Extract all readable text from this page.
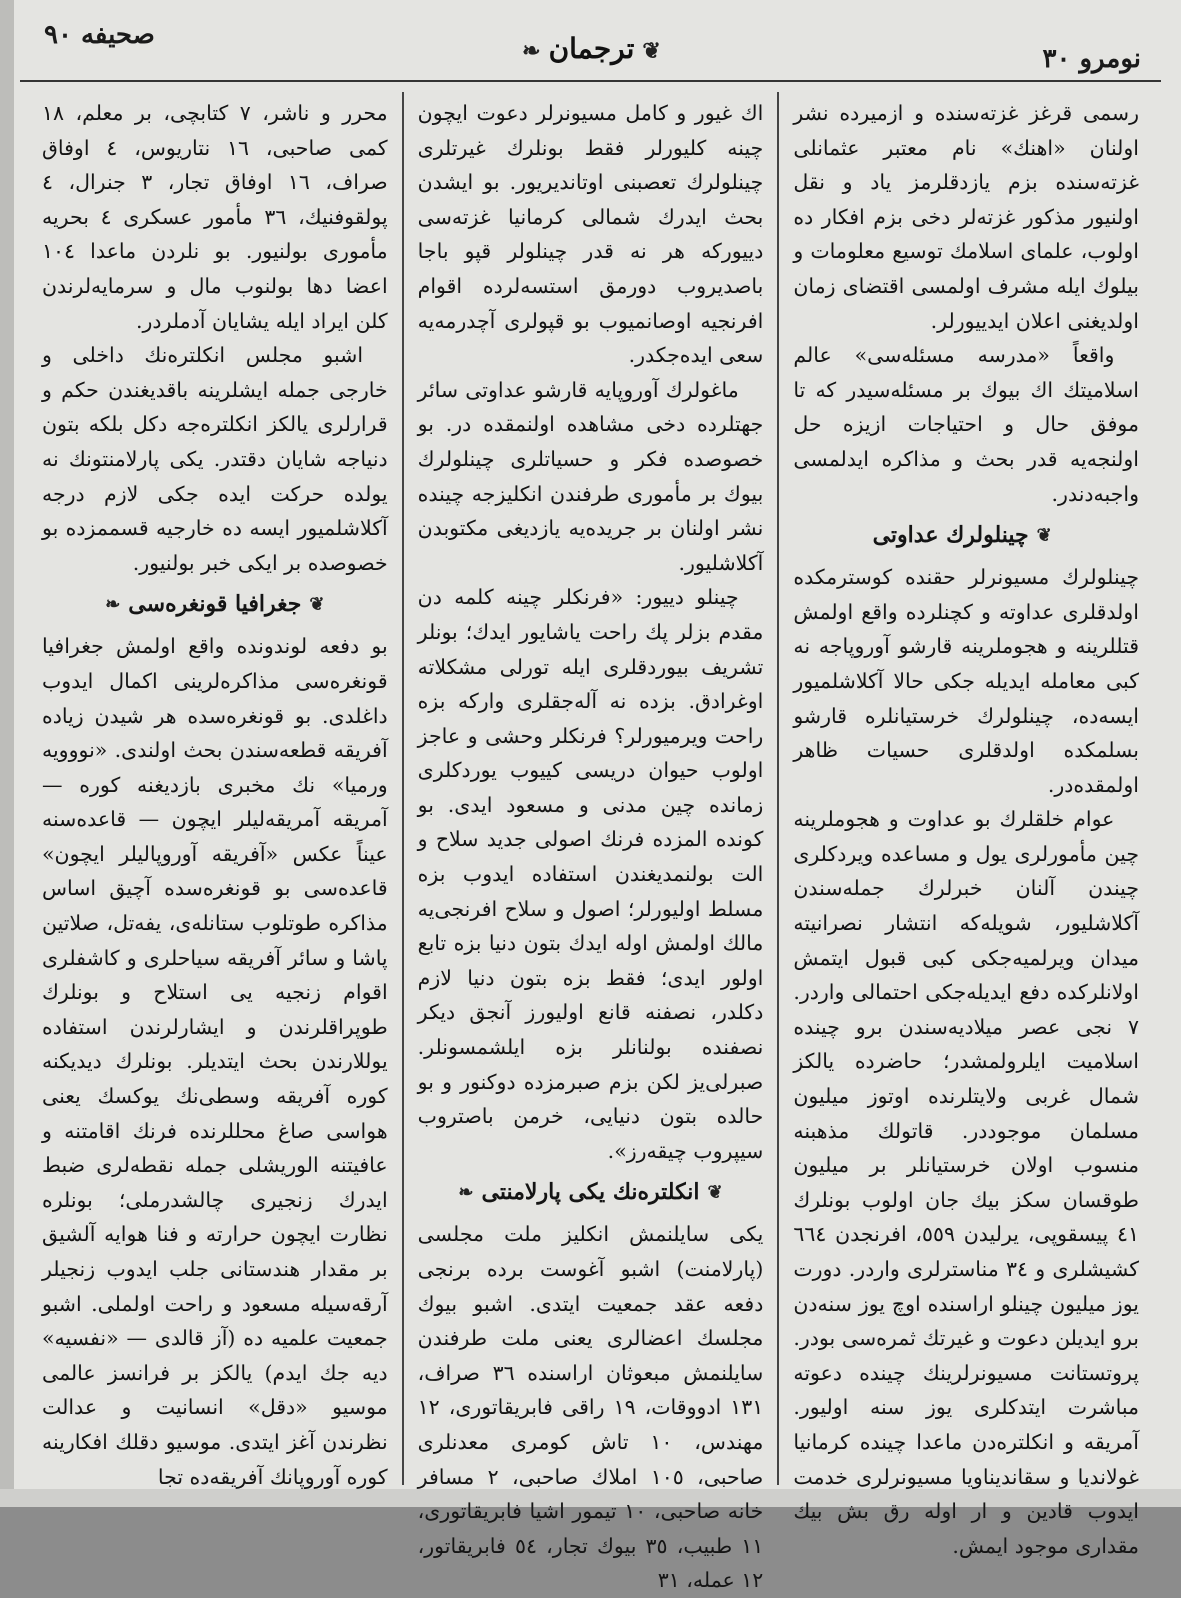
نومرو ٣٠
❦ترجمان❧
صحیفه ٩٠

رسمی قرغز غزته‌سنده و ازمیرده نشر اولنان «اهنك» نام معتبر عثمانلی غزته‌سنده بزم یازدقلرمز یاد و نقل اولنیور مذکور غزته‌لر دخی بزم افکار ده اولوب، علمای اسلامك توسیع معلومات و بیلوك ایله مشرف اولمسی اقتضای زمان اولدیغنی اعلان ایدییورلر.

واقعاً «مدرسه مسئله‌سی» عالم اسلامیتك اك بیوك بر مسئله‌سیدر که تا موفق حال و احتیاجات ازیزه حل اولنجه‌یه قدر بحث و مذاکره ایدلمسی واجبه‌دندر.

❦چینلولرك عداوتی

چینلولرك مسیونرلر حقنده کوسترمکده اولدقلری عداوته و کچنلرده واقع اولمش قتللرینه و هجوملرینه قارشو آوروپاجه نه کبی معامله ایدیله جکی حالا آکلاشلمیور ایسه‌ده، چینلولرك خرستیانلره قارشو بسلمکده اولدقلری حسیات ظاهر اولمقده‌در.

عوام خلقلرك بو عداوت و هجوملرینه چین مأمورلری یول و مساعده ویردکلری چیندن آلنان خبرلرك جمله‌سندن آکلاشلیور، شویله‌که انتشار نصرانیته میدان ویرلمیه‌جکی کبی قبول ایتمش اولانلرکده دفع ایدیله‌جکی احتمالی واردر. ٧ نجی عصر میلادیه‌سندن برو چینده اسلامیت ایلرولمشدر؛ حاضرده یالکز شمال غربی ولایتلرنده اوتوز میلیون مسلمان موجوددر. قاتولك مذهبنه منسوب اولان خرستیانلر بر میلیون طوقسان سکز بیك جان اولوب بونلرك ٤١ پیسقوپی، یرلیدن ٥٥٩، افرنجدن ٦٦٤ کشیشلری و ٣٤ مناسترلری واردر. دورت یوز میلیون چینلو اراسنده اوچ یوز سنه‌دن برو ایدیلن دعوت و غیرتك ثمره‌سی بودر. پروتستانت مسیونرلرینك چینده دعوته مباشرت ایتدکلری یوز سنه اولیور. آمریقه و انکلتره‌دن ماعدا چینده کرمانیا غولاندیا و سقاندیناویا مسیونرلری خدمت ایدوب قادین و ار اوله رق بش بیك مقداری موجود ایمش.

اك غیور و کامل مسیونرلر دعوت ایچون چینه کلیورلر فقط بونلرك غیرتلری چینلولرك تعصبنی اوتاندیریور. بو ایشدن بحث ایدرك شمالی کرمانیا غزته‌سی دییورکه هر نه قدر چینلولر قپو باجا باصدیروب دورمق استسه‌لرده اقوام افرنجیه اوصانمیوب بو قپولری آچدرمه‌یه سعی ایده‌جکدر.

ماغولرك آوروپایه قارشو عداوتی سائر جهتلرده دخی مشاهده اولنمقده در. بو خصوصده فکر و حسیاتلری چینلولرك بیوك بر مأموری طرفندن انکلیزجه چینده نشر اولنان بر جریده‌یه یازدیغی مکتوبدن آکلاشلیور.

چینلو دییور: «فرنکلر چینه کلمه دن مقدم بزلر پك راحت یاشایور ایدك؛ بونلر تشریف بیوردقلری ایله تورلی مشکلاته اوغرادق. بزده نه آله‌جقلری وارکه بزه راحت ویرمیورلر؟ فرنکلر وحشی و عاجز اولوب حیوان دریسی کییوب یوردکلری زمانده چین مدنی و مسعود ایدی. بو کونده المزده فرنك اصولی جدید سلاح و الت بولنمدیغندن استفاده ایدوب بزه مسلط اولیورلر؛ اصول و سلاح افرنجی‌یه مالك اولمش اوله ایدك بتون دنیا بزه تابع اولور ایدی؛ فقط بزه بتون دنیا لازم دکلدر، نصفنه قانع اولیورز آنجق دیکر نصفنده بولنانلر بزه ایلشمسونلر. صبرلی‌یز لکن بزم صبرمزده دوکنور و بو حالده بتون دنیایی، خرمن باصتروب سیپروب چیقه‌رز».

❦انکلتره‌نك یکی پارلامنتی❧

یکی سایلنمش انکلیز ملت مجلسی (پارلامنت) اشبو آغوست برده برنجی دفعه عقد جمعیت ایتدی. اشبو بیوك مجلسك اعضالری یعنی ملت طرفندن سایلنمش مبعوثان اراسنده ٣٦ صراف، ١٣١ ادووقات، ١٩ راقی فابریقاتوری، ١٢ مهندس، ١٠ تاش کومری معدنلری صاحبی، ١٠٥ املاك صاحبی، ٢ مسافر خانه صاحبی، ١٠ تیمور اشیا فابریقاتوری، ١١ طبیب، ٣٥ بیوك تجار، ٥٤ فابریقاتور، ١٢ عمله، ٣١

محرر و ناشر، ٧ کتابچی، بر معلم، ١٨ کمی صاحبی، ١٦ نتاریوس، ٤ اوفاق صراف، ١٦ اوفاق تجار، ٣ جنرال، ٤ پولقوفنیك، ٣٦ مأمور عسکری ٤ بحریه مأموری بولنیور. بو نلردن ماعدا ١٠٤ اعضا دها بولنوب مال و سرمایه‌لرندن کلن ایراد ایله یشایان آدملردر.

اشبو مجلس انکلتره‌نك داخلی و خارجی جمله ایشلرینه باقدیغندن حکم و قرارلری یالکز انکلتره‌جه دکل بلکه بتون دنیاجه شایان دقتدر. یکی پارلامنتونك نه یولده حرکت ایده جکی لازم درجه آکلاشلمیور ایسه ده خارجیه قسممزده بو خصوصده بر ایکی خبر بولنیور.

❦جغرافیا قونغره‌سی❧

بو دفعه لوندونده واقع اولمش جغرافیا قونغره‌سی مذاکره‌لرینی اکمال ایدوب داغلدی. بو قونغره‌سده هر شیدن زیاده آفریقه قطعه‌سندن بحث اولندی. «نووویه ورمیا» نك مخبری بازدیغنه کوره — آمریقه آمریقه‌لیلر ایچون — قاعده‌سنه عیناً عکس «آفریقه آوروپالیلر ایچون» قاعده‌سی بو قونغره‌سده آچیق اساس مذاکره طوتلوب ستانله‌ی، یفه‌تل، صلاتین پاشا و سائر آفریقه سیاحلری و کاشفلری اقوام زنجیه یی استلاح و بونلرك طوپراقلرندن و ایشارلرندن استفاده یوللارندن بحث ایتدیلر. بونلرك دیدیکنه کوره آفریقه وسطی‌نك یوکسك یعنی هواسی صاغ محللرنده فرنك اقامتنه و عافیتنه الوریشلی جمله نقطه‌لری ضبط ایدرك زنجیری چالشدرملی؛ بونلره نظارت ایچون حرارته و فنا هوایه آلشیق بر مقدار هندستانی جلب ایدوب زنجیلر آرقه‌سیله مسعود و راحت اولملی. اشبو جمعیت علمیه ده (آز قالدی — «نفسیه» دیه جك ایدم) یالکز بر فرانسز عالمی موسیو «دقل» انسانیت و عدالت نظرندن آغز ایتدی. موسیو دقلك افکارینه کوره آوروپانك آفریقه‌ده تجا
